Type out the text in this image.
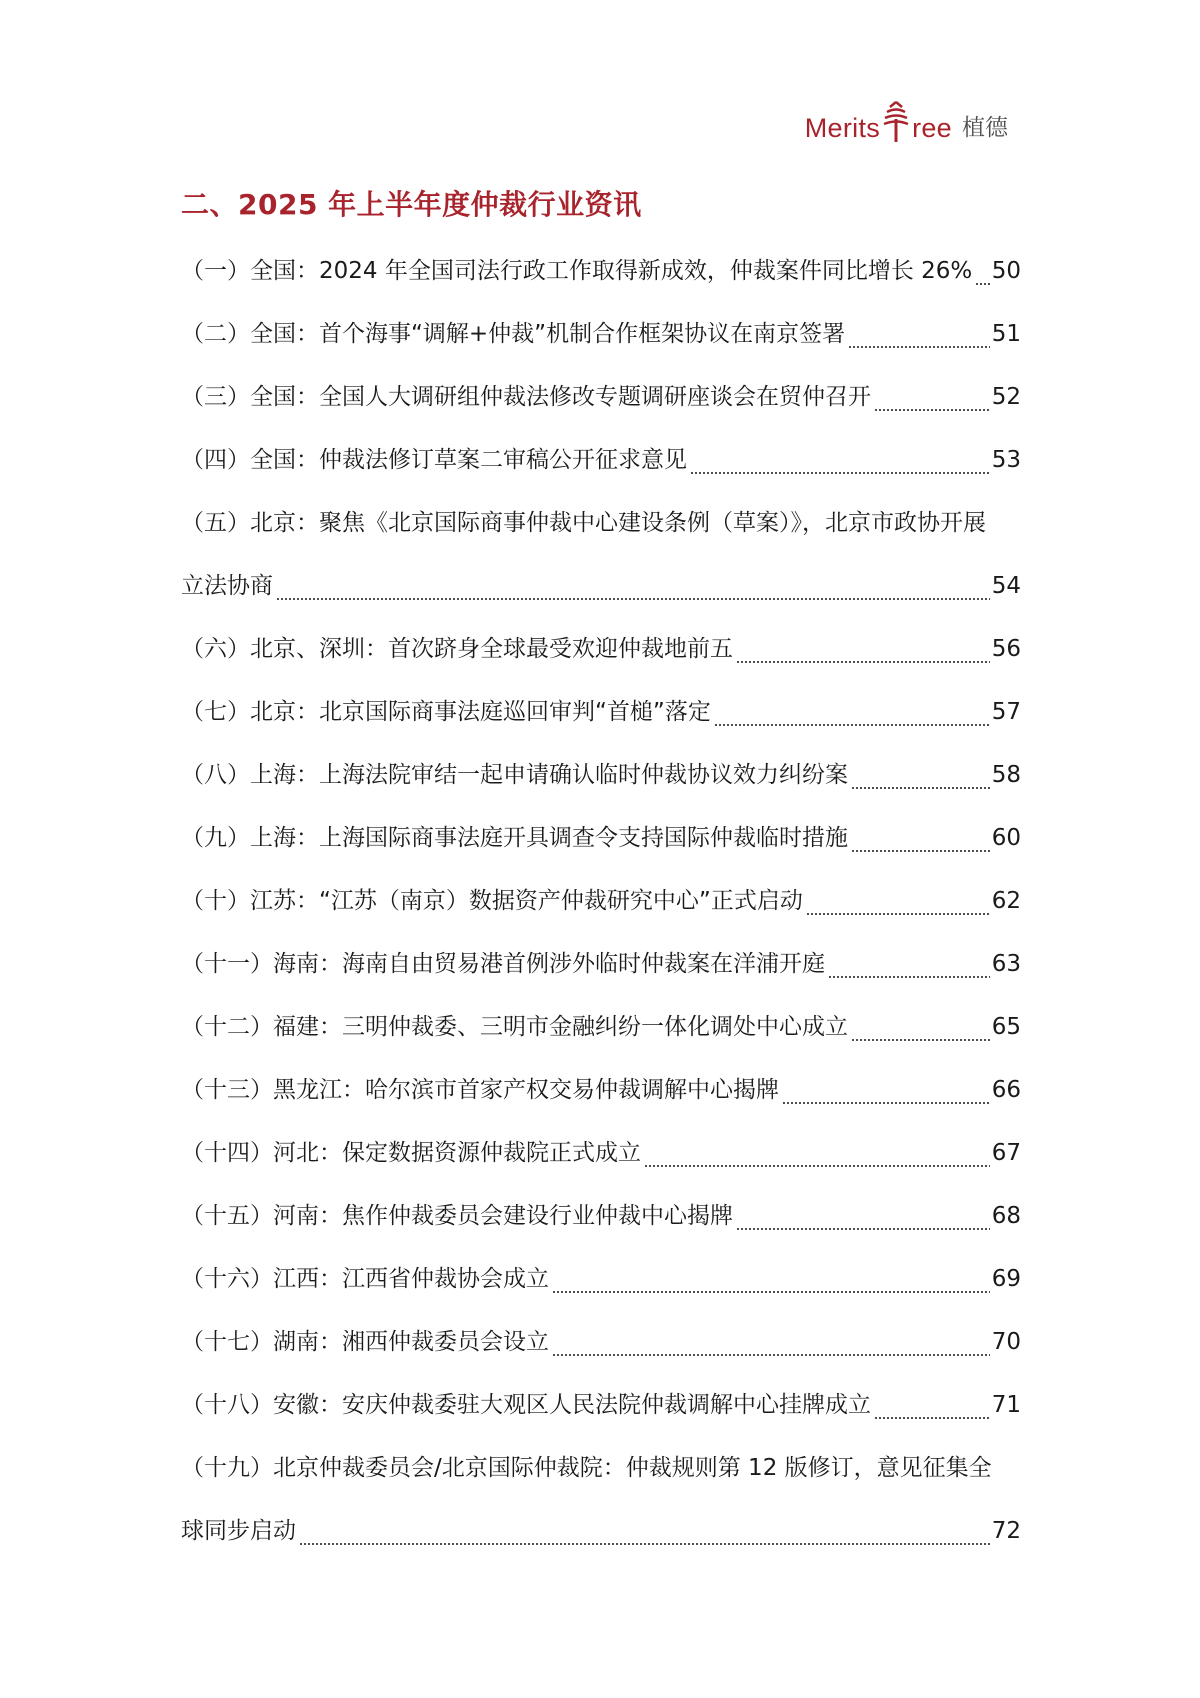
Merits ree 植德
二、2025 年上半年度仲裁行业资讯
（一）全国：2024 年全国司法行政工作取得新成效，仲裁案件同比增长 26% 50
（二）全国：首个海事“调解+仲裁”机制合作框架协议在南京签署	51
（三）全国：全国人大调研组仲裁法修改专题调研座谈会在贸仲召开	52
（四）全国：仲裁法修订草案二审稿公开征求意见	53
（五）北京：聚焦《北京国际商事仲裁中心建设条例（草案）》，北京市政协开展
立法协商	54
（六）北京、深圳：首次跻身全球最受欢迎仲裁地前五	56
（七）北京：北京国际商事法庭巡回审判“首槌”落定	57
（八）上海：上海法院审结一起申请确认临时仲裁协议效力纠纷案	58
（九）上海：上海国际商事法庭开具调查令支持国际仲裁临时措施	60
（十）江苏：“江苏（南京）数据资产仲裁研究中心”正式启动	62
（十一）海南：海南自由贸易港首例涉外临时仲裁案在洋浦开庭	63
（十二）福建：三明仲裁委、三明市金融纠纷一体化调处中心成立	65
（十三）黑龙江：哈尔滨市首家产权交易仲裁调解中心揭牌	66
（十四）河北：保定数据资源仲裁院正式成立	67
（十五）河南：焦作仲裁委员会建设行业仲裁中心揭牌	68
（十六）江西：江西省仲裁协会成立	69
（十七）湖南：湘西仲裁委员会设立	70
（十八）安徽：安庆仲裁委驻大观区人民法院仲裁调解中心挂牌成立	71
（十九）北京仲裁委员会/北京国际仲裁院：仲裁规则第 12 版修订，意见征集全
球同步启动	72
